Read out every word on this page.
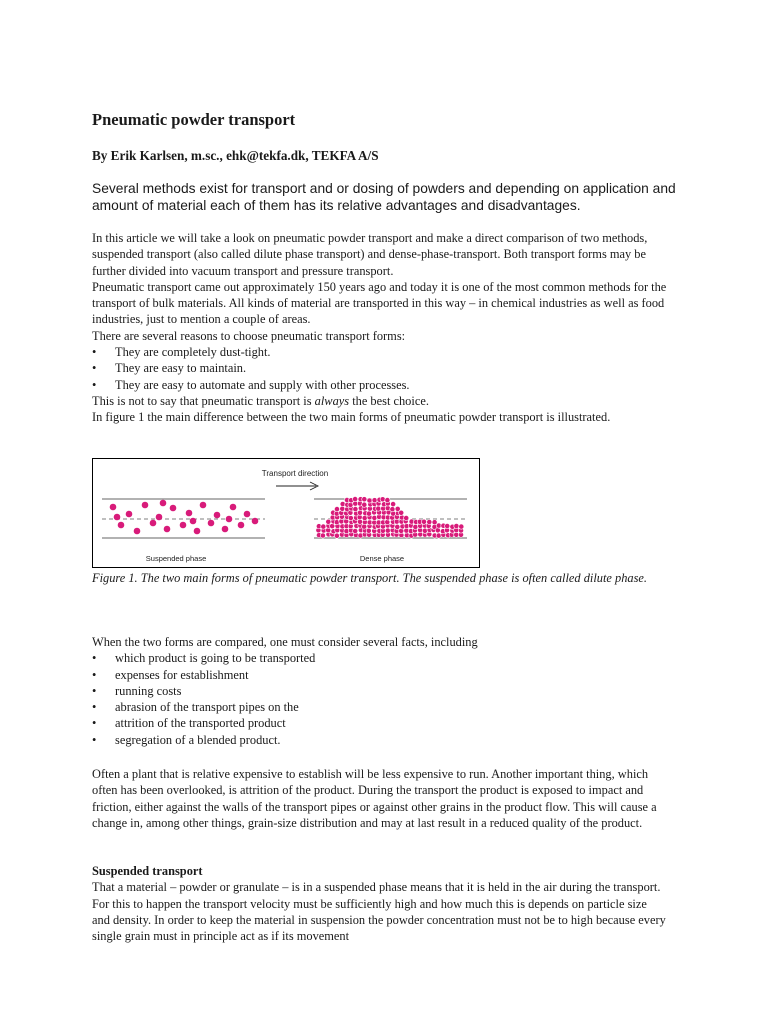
Pneumatic powder transport
By Erik Karlsen, m.sc., ehk@tekfa.dk, TEKFA A/S
Several methods exist for transport and or dosing of powders and depending on application and amount of material each of them has its relative advantages and disadvantages.

In this article we will take a look on pneumatic powder transport and make a direct comparison of two methods, suspended transport (also called dilute phase transport) and dense-phase-transport. Both transport forms may be further divided into vacuum transport and pressure transport.

Pneumatic transport came out approximately 150 years ago and today it is one of the most common methods for the transport of bulk materials. All kinds of material are transported in this way – in chemical industries as well as food industries, just to mention a couple of areas.

There are several reasons to choose pneumatic transport forms:

• They are completely dust-tight.
• They are easy to maintain.
• They are easy to automate and supply with other processes.

This is not to say that pneumatic transport is always the best choice.

In figure 1 the main difference between the two main forms of pneumatic powder transport is illustrated.

Transport direction
Suspended phase	Dense phase
Figure 1. The two main forms of pneumatic powder transport. The suspended phase is often called dilute phase.

When the two forms are compared, one must consider several facts, including

• which product is going to be transported
• expenses for establishment
• running costs
• abrasion of the transport pipes on the
• attrition of the transported product
• segregation of a blended product.
Often a plant that is relative expensive to establish will be less expensive to run. Another important thing, which often has been overlooked, is attrition of the product. During the transport the product is exposed to impact and friction, either against the walls of the transport pipes or against other grains in the product flow. This will cause a change in, among other things, grain-size distribution and may at last result in a reduced quality of the product.

Suspended transport

That a material – powder or granulate – is in a suspended phase means that it is held in the air during the transport. For this to happen the transport velocity must be sufficiently high and how much this is depends on particle size and density. In order to keep the material in suspension the powder concentration must not be to high because every single grain must in principle act as if its movement
